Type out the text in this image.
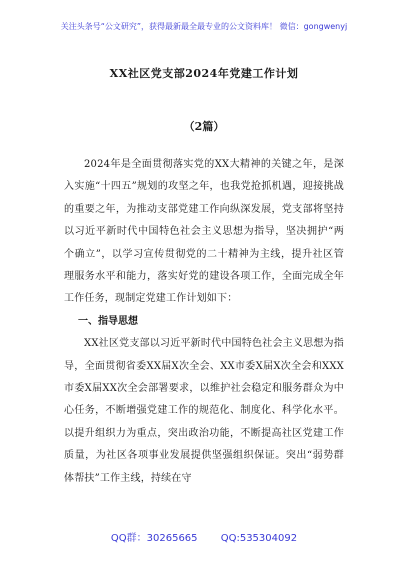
关注头条号“公文研究”，获得最新最全最专业的公文资料库！ 微信：gongwenyj
XX社区党支部2024年党建工作计划
（2篇）

2024年是全面贯彻落实党的XX大精神的关键之年，是深入实施“十四五”规划的攻坚之年，也我党抢抓机遇，迎接挑战的重要之年，为推动支部党建工作向纵深发展，党支部将坚持以习近平新时代中国特色社会主义思想为指导，坚决拥护“两个确立”，以学习宣传贯彻党的二十精神为主线，提升社区管理服务水平和能力，落实好党的建设各项工作，全面完成全年工作任务，现制定党建工作计划如下：

一、指导思想

XX社区党支部以习近平新时代中国特色社会主义思想为指导，全面贯彻省委XX届X次全会、XX市委X届X次全会和XXX市委X届XX次全会部署要求，以维护社会稳定和服务群众为中心任务，不断增强党建工作的规范化、制度化、科学化水平。以提升组织力为重点，突出政治功能，不断提高社区党建工作质量，为社区各项事业发展提供坚强组织保证。突出“弱势群体帮扶”工作主线，持续在守

QQ群：30265665 QQ:535304092
